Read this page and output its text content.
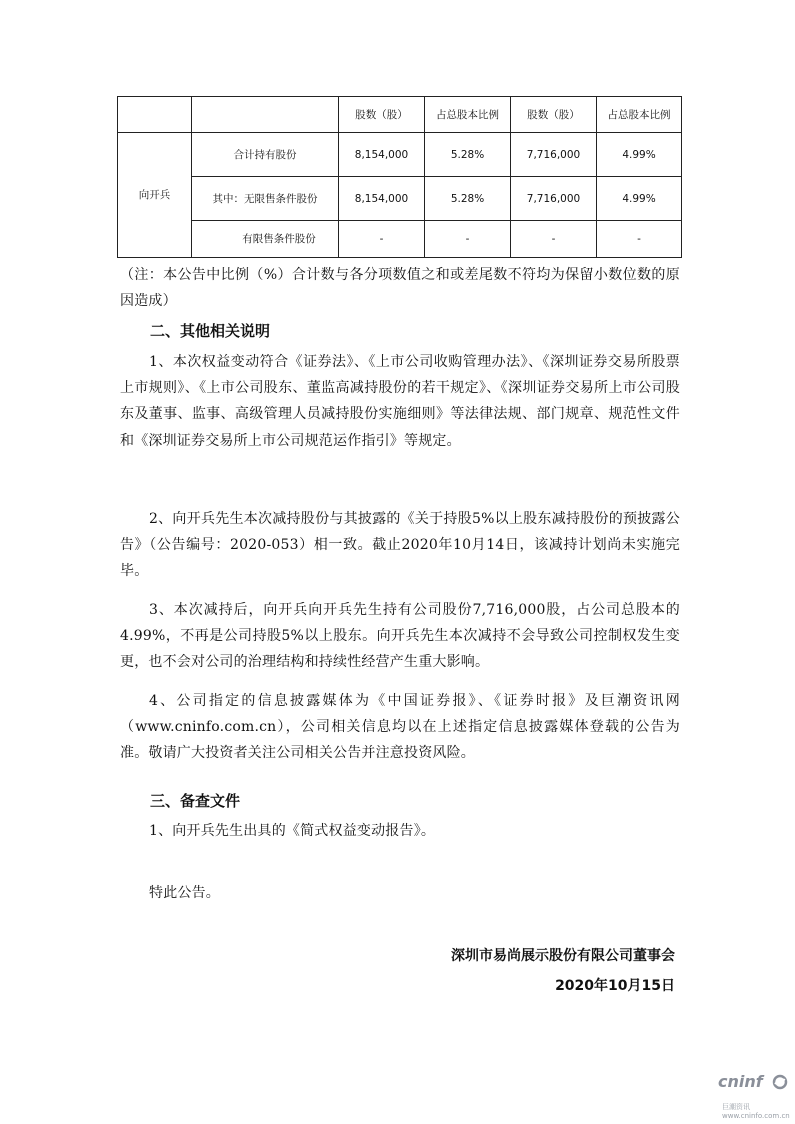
		股数（股）	占总股本比例	股数（股）	占总股本比例
向开兵	合计持有股份	8,154,000	5.28%	7,716,000	4.99%
	其中：无限售条件股份	8,154,000	5.28%	7,716,000	4.99%
	有限售条件股份	-	-	-	-
（注：本公告中比例（%）合计数与各分项数值之和或差尾数不符均为保留小数位数的原因造成）
二、其他相关说明
1、本次权益变动符合《证券法》、《上市公司收购管理办法》、《深圳证券交易所股票上市规则》、《上市公司股东、董监高减持股份的若干规定》、《深圳证券交易所上市公司股东及董事、监事、高级管理人员减持股份实施细则》等法律法规、部门规章、规范性文件和《深圳证券交易所上市公司规范运作指引》等规定。
2、向开兵先生本次减持股份与其披露的《关于持股5%以上股东减持股份的预披露公告》（公告编号：2020-053）相一致。截止2020年10月14日，该减持计划尚未实施完毕。
3、本次减持后，向开兵向开兵先生持有公司股份7,716,000股，占公司总股本的4.99%，不再是公司持股5%以上股东。向开兵先生本次减持不会导致公司控制权发生变更，也不会对公司的治理结构和持续性经营产生重大影响。
4、公司指定的信息披露媒体为《中国证券报》、《证券时报》及巨潮资讯网（www.cninfo.com.cn），公司相关信息均以在上述指定信息披露媒体登载的公告为准。敬请广大投资者关注公司相关公告并注意投资风险。
三、备查文件
1、向开兵先生出具的《简式权益变动报告》。
特此公告。
深圳市易尚展示股份有限公司董事会
2020年10月15日
cninf
巨潮资讯 www.cninfo.com.cn
